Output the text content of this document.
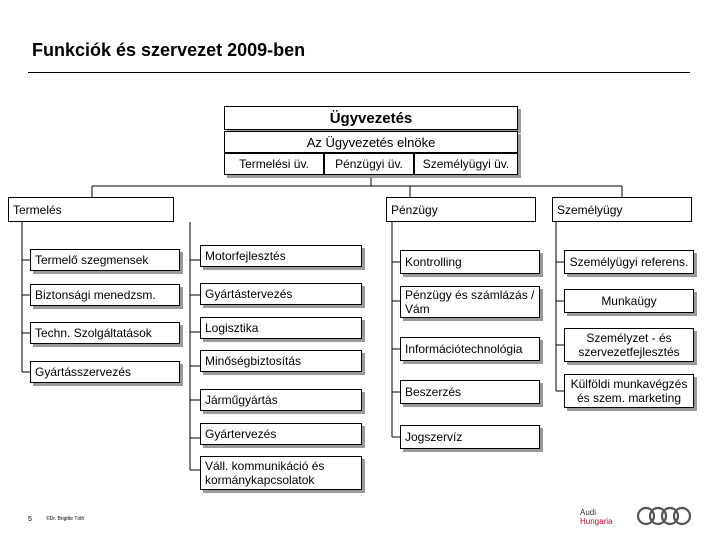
Funkciók és szervezet 2009-ben
Ügyvezetés
Az Ügyvezetés elnöke
Termelési üv.	Pénzügyi üv.	Személyügyi üv.
Termelés	Pénzügy	Személyügy
Termelő szegmensek
Biztonsági menedzsm.
Techn. Szolgáltatások
Gyártásszervezés
Motorfejlesztés
Gyártástervezés
Logisztika
Minőségbiztosítás
Járműgyártás
Gyártervezés
Váll. kommunikáció és kormánykapcsolatok
Kontrolling
Pénzügy és számlázás / Vám
Információtechnológia
Beszerzés
Jogszervíz
Személyügyi referens.
Munkaügy
Személyzet - és szervezetfejlesztés
Külföldi munkavégzés és szem. marketing
5	©Dr. Brigitte Tóth
Audi
Hungaria
